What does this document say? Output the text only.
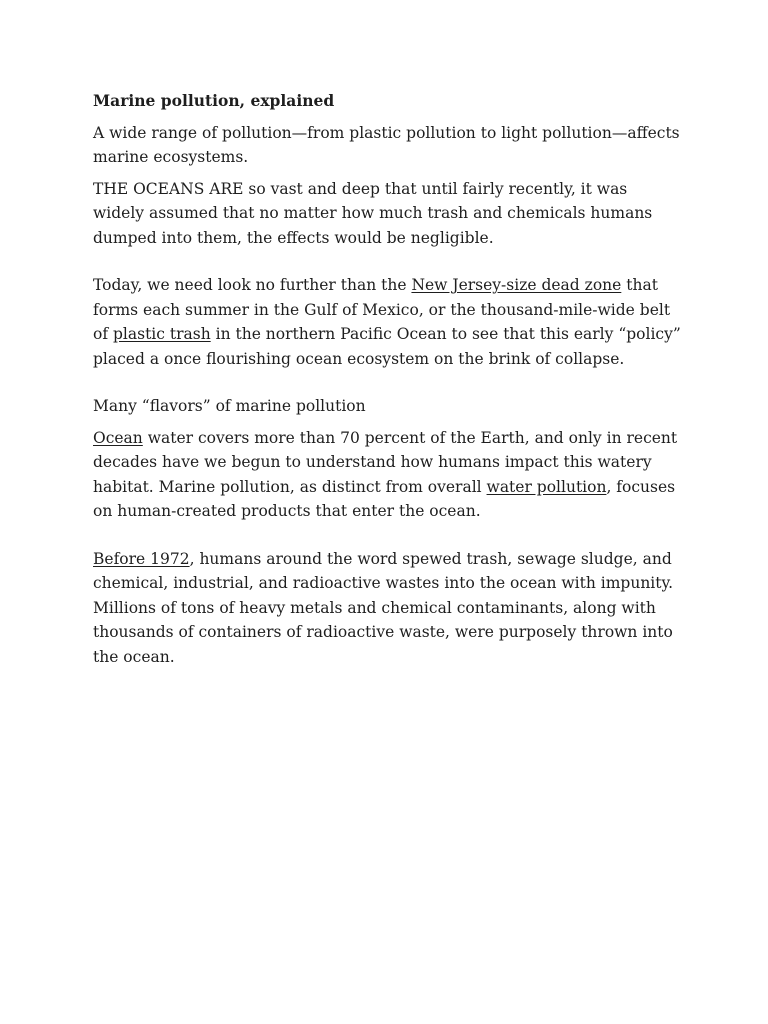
Marine pollution, explained

A wide range of pollution—from plastic pollution to light pollution—affects marine ecosystems.

THE OCEANS ARE so vast and deep that until fairly recently, it was widely assumed that no matter how much trash and chemicals humans dumped into them, the effects would be negligible.

Today, we need look no further than the New Jersey-size dead zone that forms each summer in the Gulf of Mexico, or the thousand-mile-wide belt of plastic trash in the northern Pacific Ocean to see that this early “policy” placed a once flourishing ocean ecosystem on the brink of collapse.

Many “flavors” of marine pollution

Ocean water covers more than 70 percent of the Earth, and only in recent decades have we begun to understand how humans impact this watery habitat. Marine pollution, as distinct from overall water pollution, focuses on human-created products that enter the ocean.

Before 1972, humans around the word spewed trash, sewage sludge, and chemical, industrial, and radioactive wastes into the ocean with impunity. Millions of tons of heavy metals and chemical contaminants, along with thousands of containers of radioactive waste, were purposely thrown into the ocean.
